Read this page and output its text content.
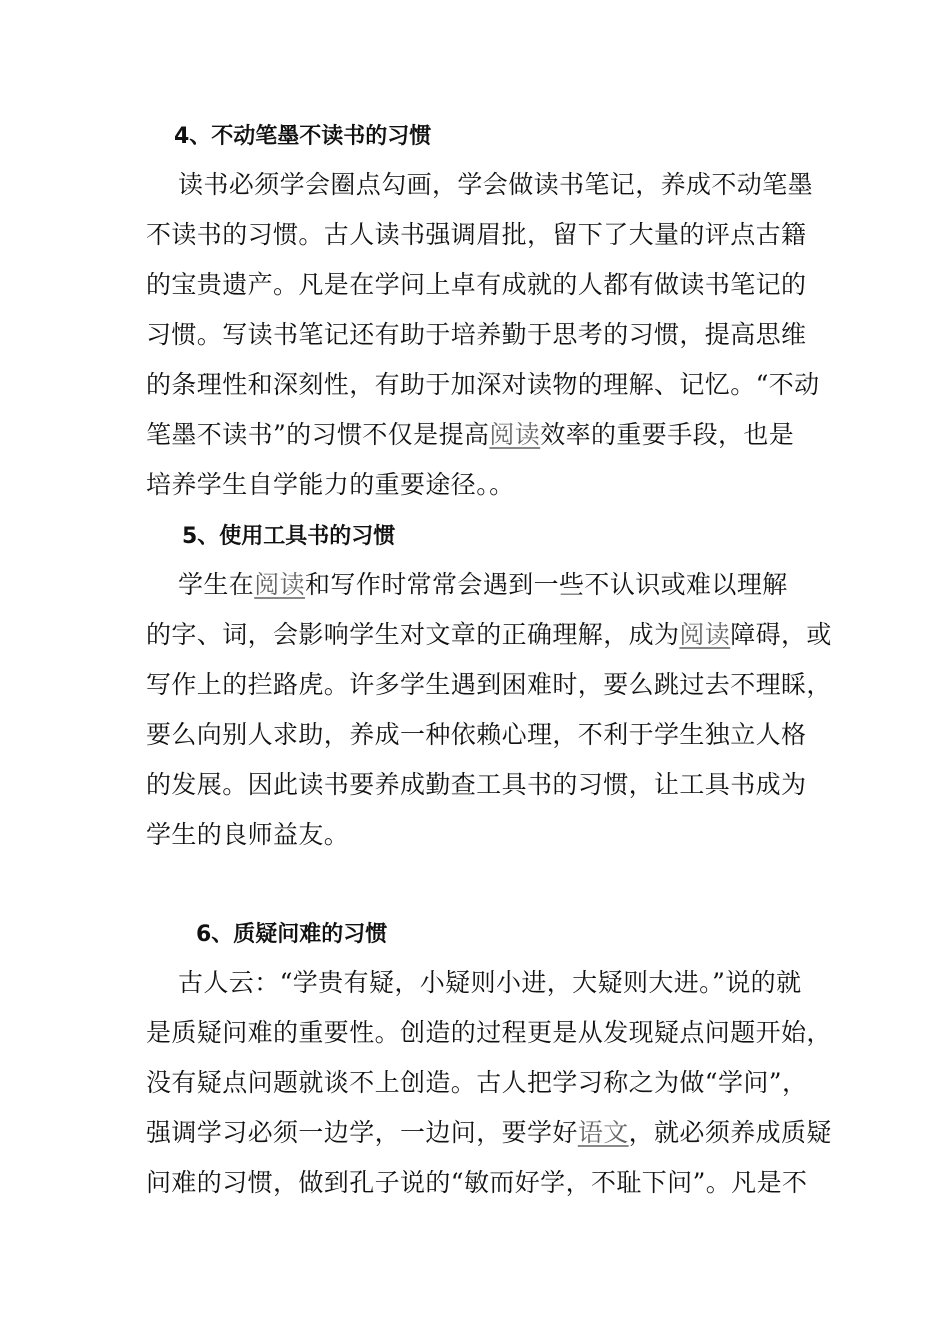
4、不动笔墨不读书的习惯
读书必须学会圈点勾画，学会做读书笔记，养成不动笔墨
不读书的习惯。古人读书强调眉批，留下了大量的评点古籍
的宝贵遗产。凡是在学问上卓有成就的人都有做读书笔记的
习惯。写读书笔记还有助于培养勤于思考的习惯，提高思维
的条理性和深刻性，有助于加深对读物的理解、记忆。“不动
笔墨不读书”的习惯不仅是提高阅读效率的重要手段，也是
培养学生自学能力的重要途径。。
5、使用工具书的习惯
学生在阅读和写作时常常会遇到一些不认识或难以理解
的字、词，会影响学生对文章的正确理解，成为阅读障碍，或
写作上的拦路虎。许多学生遇到困难时，要么跳过去不理睬，
要么向别人求助，养成一种依赖心理，不利于学生独立人格
的发展。因此读书要养成勤查工具书的习惯，让工具书成为
学生的良师益友。
6、质疑问难的习惯
古人云：“学贵有疑，小疑则小进，大疑则大进。”说的就
是质疑问难的重要性。创造的过程更是从发现疑点问题开始，
没有疑点问题就谈不上创造。古人把学习称之为做“学问”，
强调学习必须一边学，一边问，要学好语文，就必须养成质疑
问难的习惯，做到孔子说的“敏而好学，不耻下问”。凡是不
